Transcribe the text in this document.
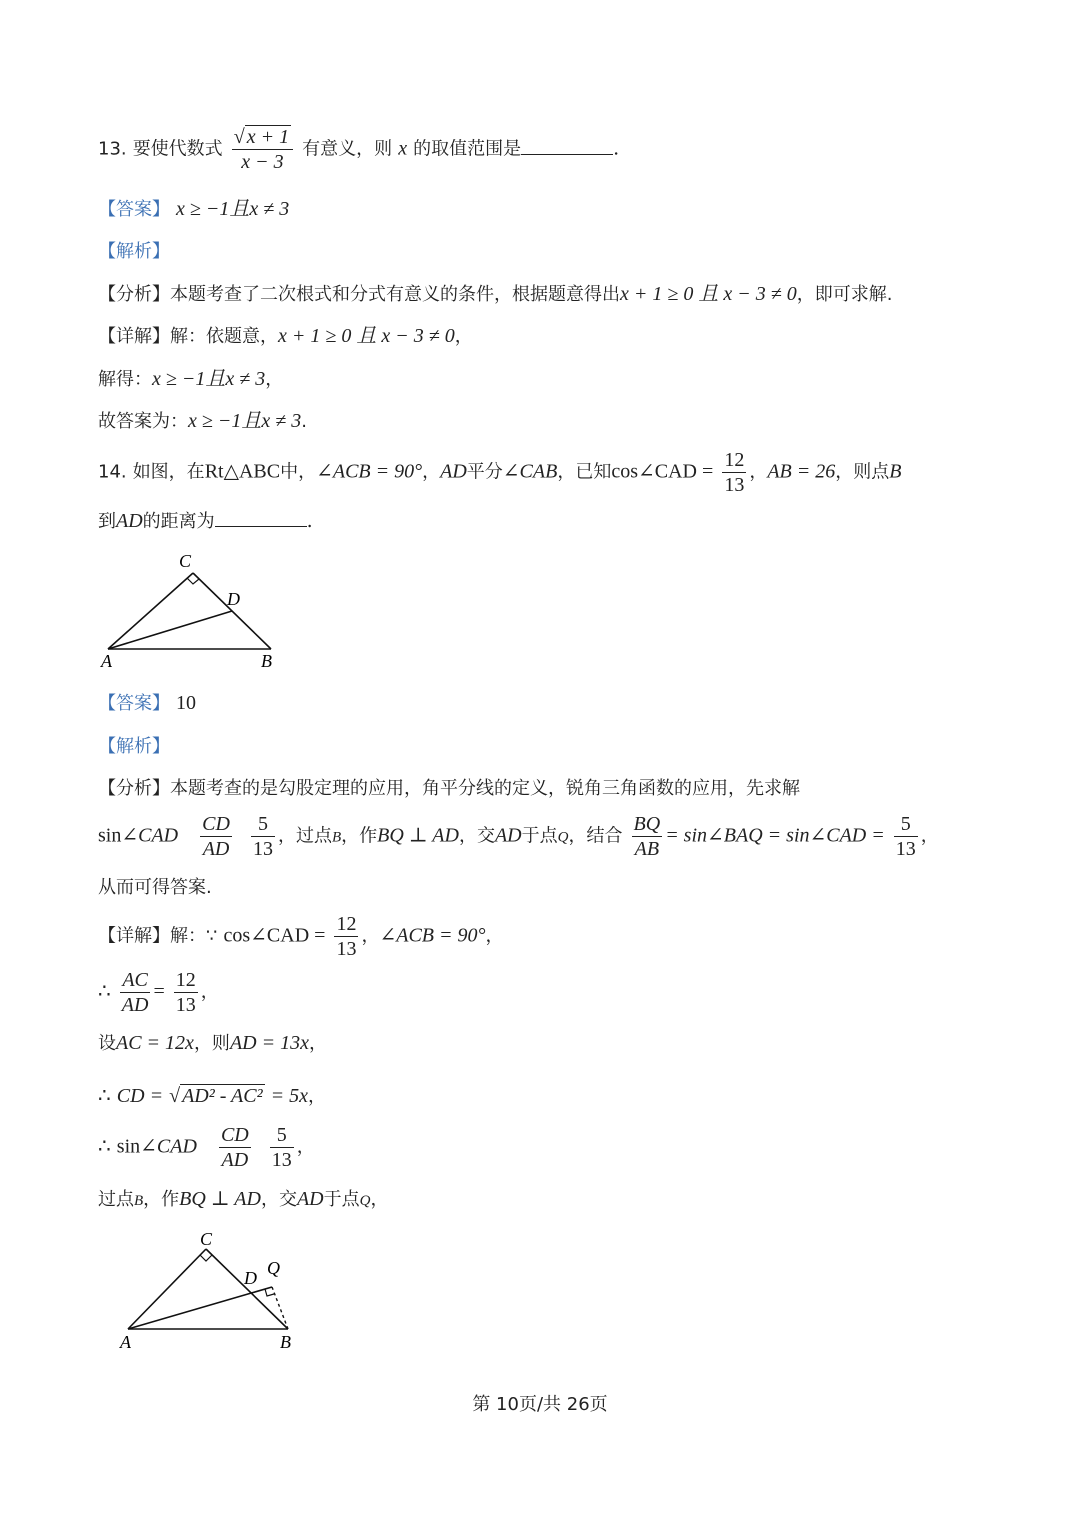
13. 要使代数式 $\frac{√ x + 1}{x - 3}$ 有意义，则 x 的取值范围是	.
【答案】 x ≥ −1且x ≠ 3
【解析】
【分析】本题考查了二次根式和分式有意义的条件，根据题意得出x + 1 ≥ 0 且 x − 3 ≠ 0，即可求解.
【详解】解：依题意，x + 1 ≥ 0 且 x − 3 ≠ 0，
解得：x ≥ −1且x ≠ 3，
故答案为：x ≥ −1且x ≠ 3.
14. 如图，在Rt△ABC中，∠ACB = 90°，AD平分∠CAB，已知cos∠CAD = $\frac{12}{13}$ ，AB = 26，则点B
到AD的距离为	.
A	B
C
D
【答案】 10
【解析】
【分析】本题考查的是勾股定理的应用，角平分线的定义，锐角三角函数的应用，先求解
sin∠CAD $\frac{CD}{AD}$
$\frac{5}{13}$ ，过点B，作BQ ⊥ AD，交AD于点Q，结合 $\frac{BQ}{AB}$ = sin∠BAQ = sin∠CAD = $\frac{5}{13}$ ，
从而可得答案.
【详解】解：∵ cos∠CAD = $\frac{12}{13}$ ，∠ACB = 90°，
∴ $\frac{AC}{AD} = \frac{12}{13}$ ，
设AC = 12x，则AD = 13x，
∴ CD = √ AD² - AC² = 5x，
∴ sin∠CAD $\frac{CD}{AD}$
$\frac{5}{13}$ ，
过点B，作BQ ⊥ AD，交AD于点Q，
A	B
C
D Q
第 10页/共 26页
